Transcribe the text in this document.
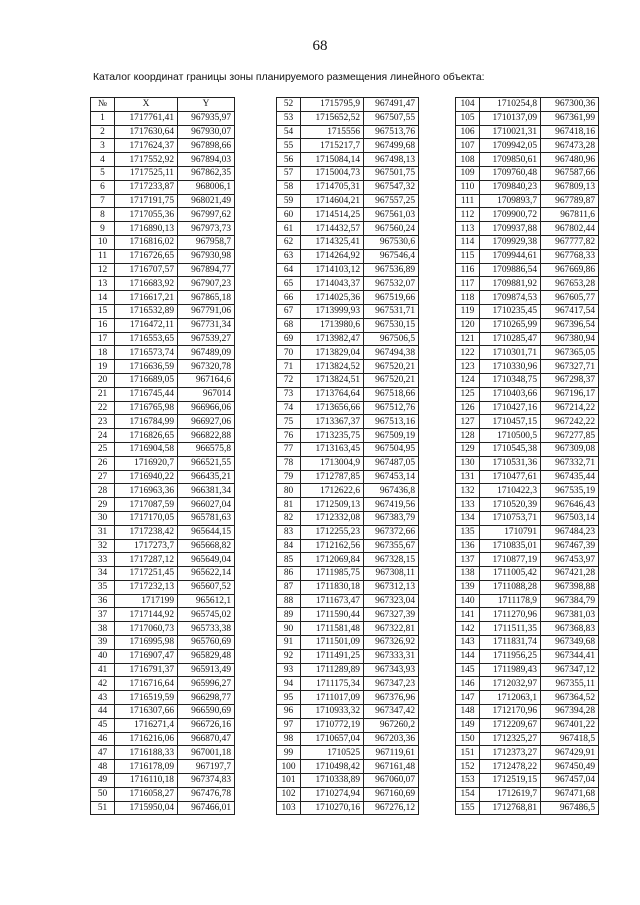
68
Каталог координат границы зоны планируемого размещения линейного объекта:
№	X	Y
1	1717761,41	967935,97
2	1717630,64	967930,07
3	1717624,37	967898,66
4	1717552,92	967894,03
5	1717525,11	967862,35
6	1717233,87	968006,1
7	1717191,75	968021,49
8	1717055,36	967997,62
9	1716890,13	967973,73
10	1716816,02	967958,7
11	1716726,65	967930,98
12	1716707,57	967894,77
13	1716683,92	967907,23
14	1716617,21	967865,18
15	1716532,89	967791,06
16	1716472,11	967731,34
17	1716553,65	967539,27
18	1716573,74	967489,09
19	1716636,59	967320,78
20	1716689,05	967164,6
21	1716745,44	967014
22	1716765,98	966966,06
23	1716784,99	966927,06
24	1716826,65	966822,88
25	1716904,58	966575,8
26	1716920,7	966521,55
27	1716940,22	966435,21
28	1716963,36	966381,34
29	1717087,59	966027,04
30	1717170,05	965781,63
31	1717238,42	965644,15
32	1717273,7	965668,82
33	1717287,12	965649,04
34	1717251,45	965622,14
35	1717232,13	965607,52
36	1717199	965612,1
37	1717144,92	965745,02
38	1717060,73	965733,38
39	1716995,98	965760,69
40	1716907,47	965829,48
41	1716791,37	965913,49
42	1716716,64	965996,27
43	1716519,59	966298,77
44	1716307,66	966590,69
45	1716271,4	966726,16
46	1716216,06	966870,47
47	1716188,33	967001,18
48	1716178,09	967197,7
49	1716110,18	967374,83
50	1716058,27	967476,78
51	1715950,04	967466,01
52	1715795,9	967491,47
53	1715652,52	967507,55
54	1715556	967513,76
55	1715217,7	967499,68
56	1715084,14	967498,13
57	1715004,73	967501,75
58	1714705,31	967547,32
59	1714604,21	967557,25
60	1714514,25	967561,03
61	1714432,57	967560,24
62	1714325,41	967530,6
63	1714264,92	967546,4
64	1714103,12	967536,89
65	1714043,37	967532,07
66	1714025,36	967519,66
67	1713999,93	967531,71
68	1713980,6	967530,15
69	1713982,47	967506,5
70	1713829,04	967494,38
71	1713824,52	967520,21
72	1713824,51	967520,21
73	1713764,64	967518,66
74	1713656,66	967512,76
75	1713367,37	967513,16
76	1713235,75	967509,19
77	1713163,45	967504,95
78	1713004,9	967487,05
79	1712787,85	967453,14
80	1712622,6	967436,8
81	1712509,13	967419,56
82	1712332,08	967383,79
83	1712255,23	967372,66
84	1712162,56	967355,67
85	1712069,84	967328,15
86	1711985,75	967308,11
87	1711830,18	967312,13
88	1711673,47	967323,04
89	1711590,44	967327,39
90	1711581,48	967322,81
91	1711501,09	967326,92
92	1711491,25	967333,31
93	1711289,89	967343,93
94	1711175,34	967347,23
95	1711017,09	967376,96
96	1710933,32	967347,42
97	1710772,19	967260,2
98	1710657,04	967203,36
99	1710525	967119,61
100	1710498,42	967161,48
101	1710338,89	967060,07
102	1710274,94	967160,69
103	1710270,16	967276,12
104	1710254,8	967300,36
105	1710137,09	967361,99
106	1710021,31	967418,16
107	1709942,05	967473,28
108	1709850,61	967480,96
109	1709760,48	967587,66
110	1709840,23	967809,13
111	1709893,7	967789,87
112	1709900,72	967811,6
113	1709937,88	967802,44
114	1709929,38	967777,82
115	1709944,61	967768,33
116	1709886,54	967669,86
117	1709881,92	967653,28
118	1709874,53	967605,77
119	1710235,45	967417,54
120	1710265,99	967396,54
121	1710285,47	967380,94
122	1710301,71	967365,05
123	1710330,96	967327,71
124	1710348,75	967298,37
125	1710403,66	967196,17
126	1710427,16	967214,22
127	1710457,15	967242,22
128	1710500,5	967277,85
129	1710545,38	967309,08
130	1710531,36	967332,71
131	1710477,61	967435,44
132	1710422,3	967535,19
133	1710520,39	967646,43
134	1710753,71	967503,14
135	1710791	967484,23
136	1710835,01	967467,39
137	1710877,19	967453,97
138	1711005,42	967421,28
139	1711088,28	967398,88
140	1711178,9	967384,79
141	1711270,96	967381,03
142	1711511,35	967368,83
143	1711831,74	967349,68
144	1711956,25	967344,41
145	1711989,43	967347,12
146	1712032,97	967355,11
147	1712063,1	967364,52
148	1712170,96	967394,28
149	1712209,67	967401,22
150	1712325,27	967418,5
151	1712373,27	967429,91
152	1712478,22	967450,49
153	1712519,15	967457,04
154	1712619,7	967471,68
155	1712768,81	967486,5
